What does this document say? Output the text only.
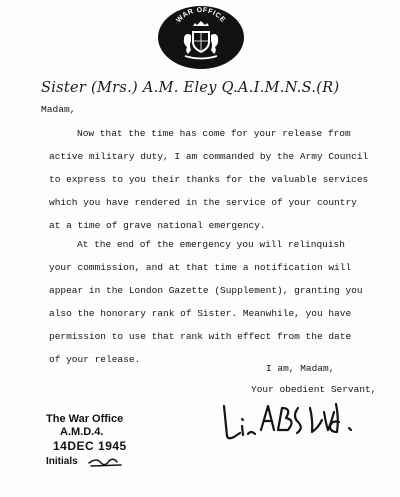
WAR OFFICE
Sister (Mrs.) A.M. Eley Q.A.I.M.N.S.(R)
Madam,
Now that the time has come for your release from
active military duty, I am commanded by the Army Council
to express to you their thanks for the valuable services
which you have rendered in the service of your country
at a time of grave national emergency.
At the end of the emergency you will relinquish
your commission, and at that time a notification will
appear in the London Gazette (Supplement), granting you
also the honorary rank of Sister. Meanwhile, you have
permission to use that rank with effect from the date
of your release.
I am, Madam,
Your obedient Servant,
The War Office
A.M.D.4.
14DEC 1945
Initials
